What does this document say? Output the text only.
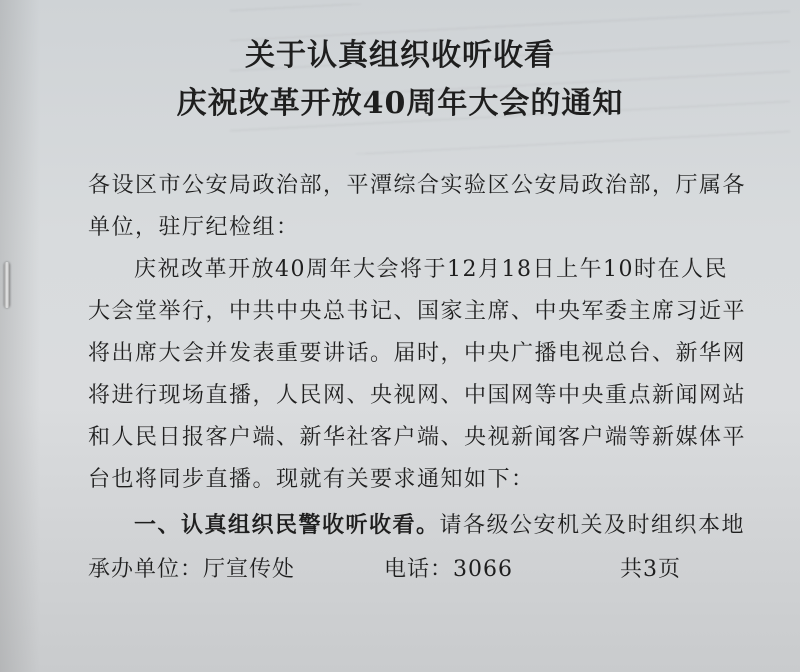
关于认真组织收听收看
庆祝改革开放40周年大会的通知

各设区市公安局政治部，平潭综合实验区公安局政治部，厅属各

单位，驻厅纪检组：

庆祝改革开放40周年大会将于12月18日上午10时在人民

大会堂举行，中共中央总书记、国家主席、中央军委主席习近平

将出席大会并发表重要讲话。届时，中央广播电视总台、新华网

将进行现场直播，人民网、央视网、中国网等中央重点新闻网站

和人民日报客户端、新华社客户端、央视新闻客户端等新媒体平

台也将同步直播。现就有关要求通知如下：

一、认真组织民警收听收看。请各级公安机关及时组织本地

承办单位：厅宣传处	电话：3066	共3页
